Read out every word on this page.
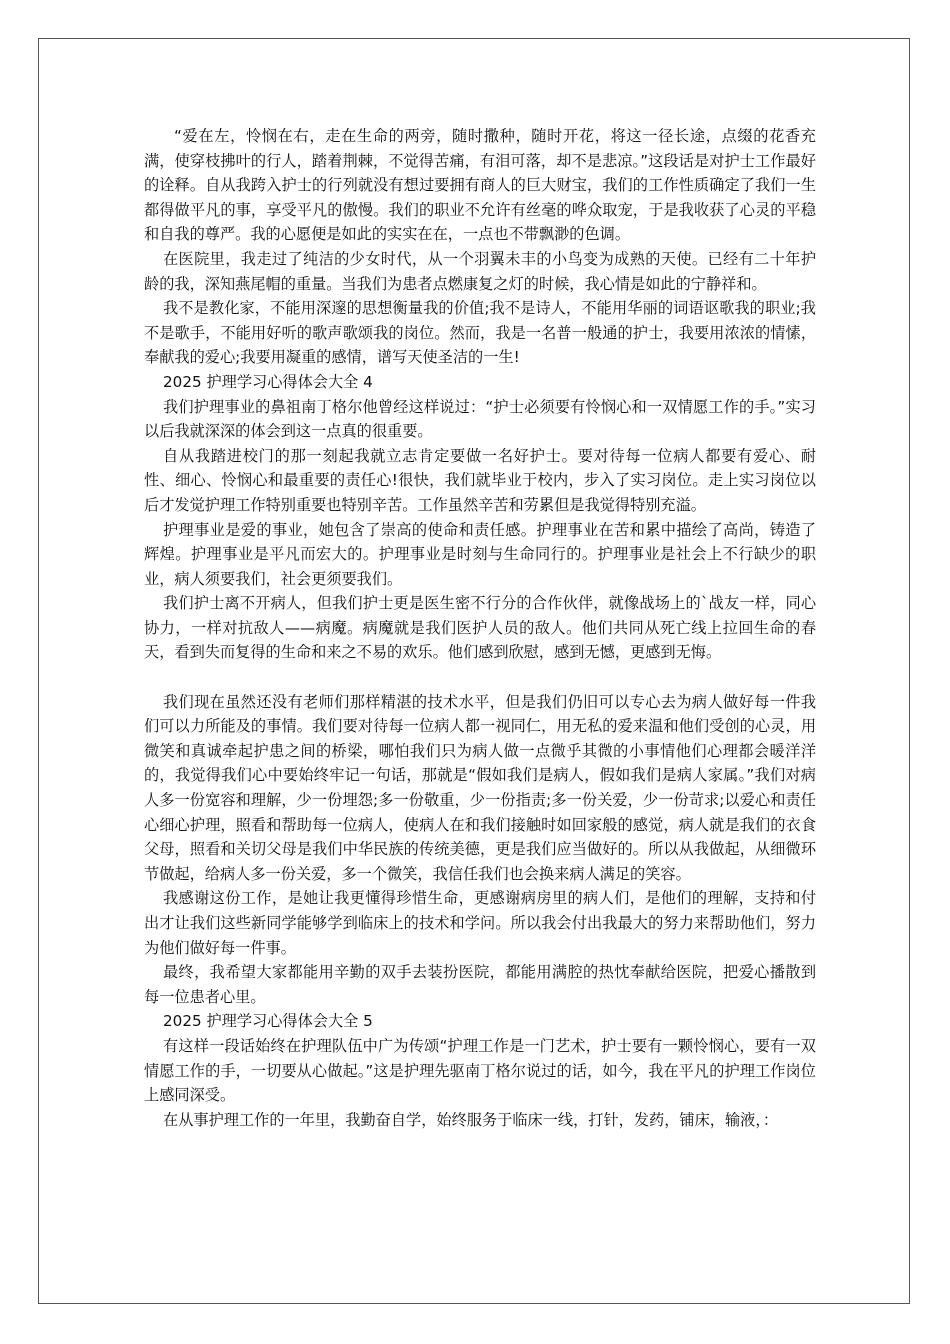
“爱在左，怜悯在右，走在生命的两旁，随时撒种，随时开花，将这一径长途，点缀的花香充满，使穿枝拂叶的行人，踏着荆棘，不觉得苦痛，有泪可落，却不是悲凉。”这段话是对护士工作最好的诠释。自从我跨入护士的行列就没有想过要拥有商人的巨大财宝，我们的工作性质确定了我们一生都得做平凡的事，享受平凡的傲慢。我们的职业不允许有丝毫的哗众取宠，于是我收获了心灵的平稳和自我的尊严。我的心愿便是如此的实实在在，一点也不带飘渺的色调。

在医院里，我走过了纯洁的少女时代，从一个羽翼未丰的小鸟变为成熟的天使。已经有二十年护龄的我，深知燕尾帽的重量。当我们为患者点燃康复之灯的时候，我心情是如此的宁静祥和。

我不是教化家，不能用深邃的思想衡量我的价值;我不是诗人，不能用华丽的词语讴歌我的职业;我不是歌手，不能用好听的歌声歌颂我的岗位。然而，我是一名普一般通的护士，我要用浓浓的情愫，奉献我的爱心;我要用凝重的感情，谱写天使圣洁的一生!

2025 护理学习心得体会大全 4

我们护理事业的鼻祖南丁格尔他曾经这样说过：“护士必须要有怜悯心和一双情愿工作的手。”实习以后我就深深的体会到这一点真的很重要。

自从我踏进校门的那一刻起我就立志肯定要做一名好护士。要对待每一位病人都要有爱心、耐性、细心、怜悯心和最重要的责任心!很快，我们就毕业于校内，步入了实习岗位。走上实习岗位以后才发觉护理工作特别重要也特别辛苦。工作虽然辛苦和劳累但是我觉得特别充溢。

护理事业是爱的事业，她包含了崇高的使命和责任感。护理事业在苦和累中描绘了高尚，铸造了辉煌。护理事业是平凡而宏大的。护理事业是时刻与生命同行的。护理事业是社会上不行缺少的职业，病人须要我们，社会更须要我们。

我们护士离不开病人，但我们护士更是医生密不行分的合作伙伴，就像战场上的`战友一样，同心协力，一样对抗敌人——病魔。病魔就是我们医护人员的敌人。他们共同从死亡线上拉回生命的春天，看到失而复得的生命和来之不易的欢乐。他们感到欣慰，感到无憾，更感到无悔。

我们现在虽然还没有老师们那样精湛的技术水平，但是我们仍旧可以专心去为病人做好每一件我们可以力所能及的事情。我们要对待每一位病人都一视同仁，用无私的爱来温和他们受创的心灵，用微笑和真诚牵起护患之间的桥梁，哪怕我们只为病人做一点微乎其微的小事情他们心理都会暖洋洋的，我觉得我们心中要始终牢记一句话，那就是“假如我们是病人，假如我们是病人家属。”我们对病人多一份宽容和理解，少一份埋怨;多一份敬重，少一份指责;多一份关爱，少一份苛求;以爱心和责任心细心护理，照看和帮助每一位病人，使病人在和我们接触时如回家般的感觉，病人就是我们的衣食父母，照看和关切父母是我们中华民族的传统美德，更是我们应当做好的。所以从我做起，从细微环节做起，给病人多一份关爱，多一个微笑，我信任我们也会换来病人满足的笑容。

我感谢这份工作，是她让我更懂得珍惜生命，更感谢病房里的病人们，是他们的理解，支持和付出才让我们这些新同学能够学到临床上的技术和学问。所以我会付出我最大的努力来帮助他们，努力为他们做好每一件事。

最终，我希望大家都能用辛勤的双手去装扮医院，都能用满腔的热忱奉献给医院，把爱心播散到每一位患者心里。

2025 护理学习心得体会大全 5

有这样一段话始终在护理队伍中广为传颂“护理工作是一门艺术，护士要有一颗怜悯心，要有一双情愿工作的手，一切要从心做起。”这是护理先驱南丁格尔说过的话，如今，我在平凡的护理工作岗位上感同深受。

在从事护理工作的一年里，我勤奋自学，始终服务于临床一线，打针，发药，铺床，输液，：
